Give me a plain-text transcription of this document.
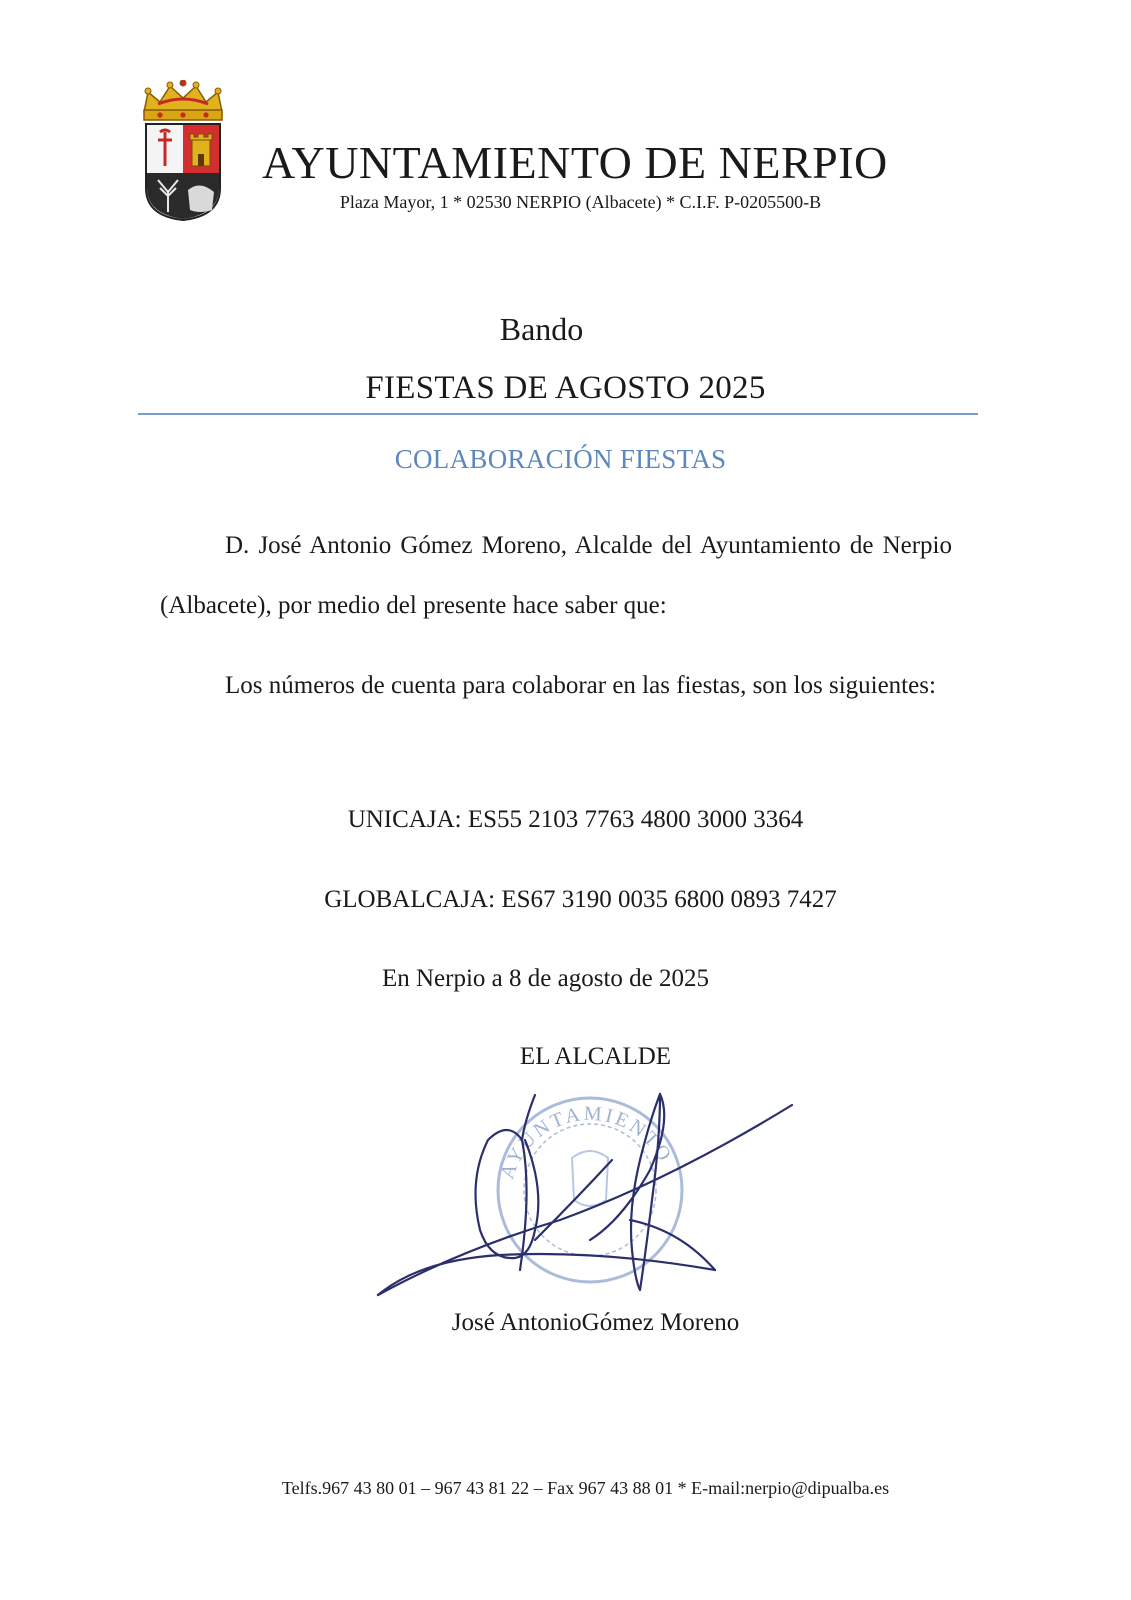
AYUNTAMIENTO DE NERPIO
Plaza Mayor, 1 * 02530 NERPIO (Albacete) * C.I.F. P-0205500-B
Bando
FIESTAS DE AGOSTO 2025
COLABORACIÓN FIESTAS

D. José Antonio Gómez Moreno, Alcalde del Ayuntamiento de Nerpio (Albacete), por medio del presente hace saber que:

Los números de cuenta para colaborar en las fiestas, son los siguientes:

UNICAJA: ES55 2103 7763 4800 3000 3364
GLOBALCAJA: ES67 3190 0035 6800 0893 7427
En Nerpio a 8 de agosto de 2025
EL ALCALDE
AYUNTAMIENTO
José AntonioGómez Moreno
Telfs.967 43 80 01 – 967 43 81 22 – Fax 967 43 88 01 * E-mail:nerpio@dipualba.es
